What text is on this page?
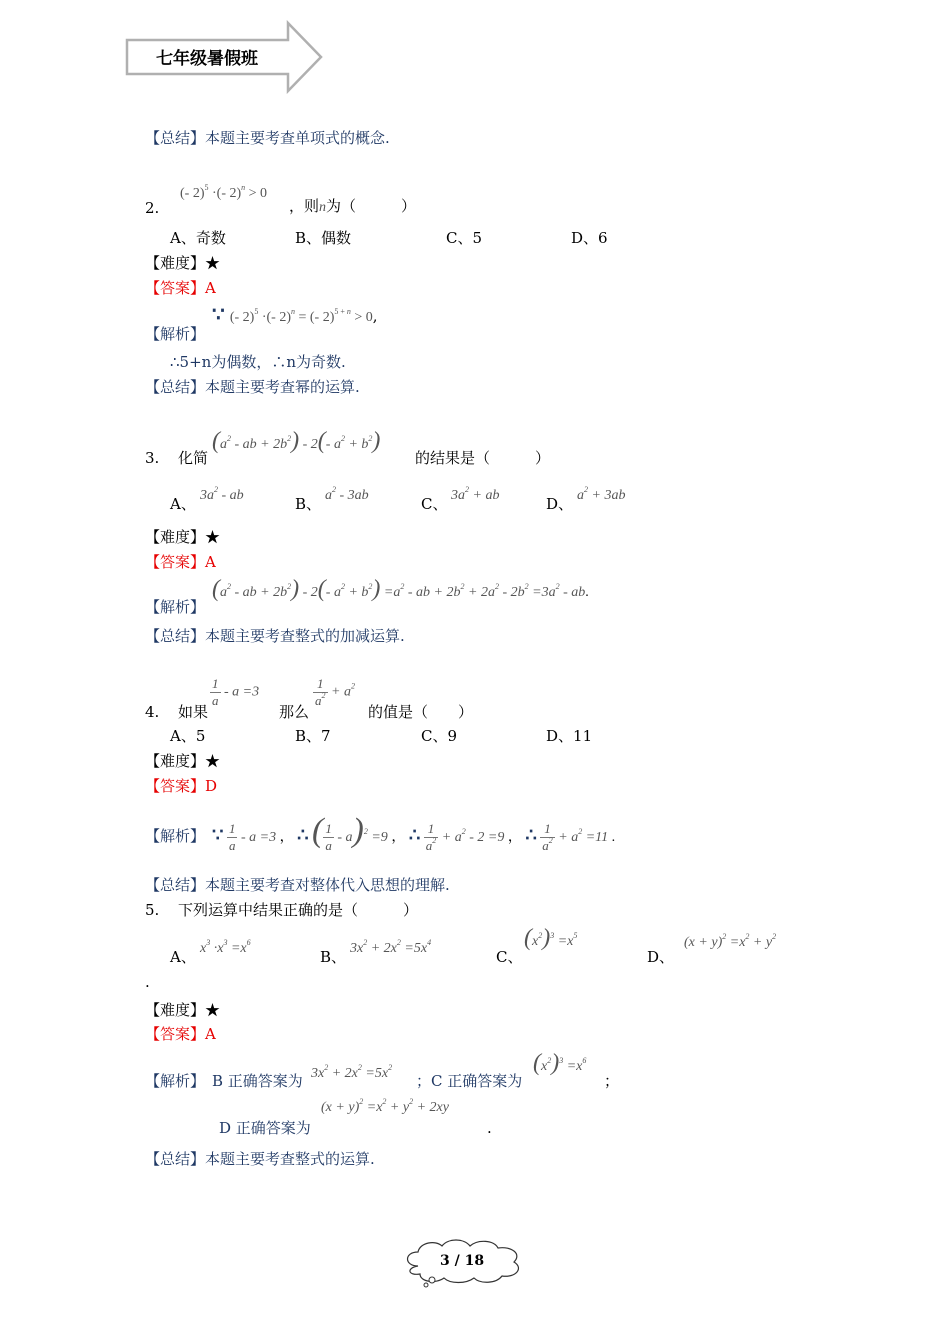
七年级暑假班
【总结】本题主要考查单项式的概念.
2.
(- 2)$^5$ ·(- 2)$^n$ > 0
，则n为（　　　）
A、奇数	B、偶数	C、5	D、6
【难度】★
【答案】A
【解析】
∵ (- 2)$^5$ ·(- 2)$^n$ = (- 2)$^{5 + n}$ > 0,
∴5+n为偶数，∴n为奇数.
【总结】本题主要考查幂的运算.
3. 化简
($a^2$ - ab + $2b^2) - 2(-$ $a^2 + b^2$)
的结果是（　　　）
A、 $3a^2$ - ab	B、 $a^2 - 3ab$	C、 $3a^2$ + ab	D、 $a^2 + 3ab$
【难度】★
【答案】A
【解析】
($a^2$ - ab + $2b^2) - 2(-$ $a^2 + b^2) =a^2$ - ab + $2b^2 + 2a^2 - 2b^2 =3a^2$ - ab.
【总结】本题主要考查整式的加减运算.
4. 如果
$\frac{1}{a} - a =3$
那么
$\frac{1}{a^2} + a^2$
的值是（　　）
A、5	B、7	C、9	D、11
【难度】★
【答案】D
【解析】 ∵ $\frac{1}{a} - a =3$ ， ∴ ( $\frac{1}{a} - a)^2 =9$ ， ∴ $\frac{1}{a^2} + a^2 - 2 =9$ ， ∴ $\frac{1}{a^2} + a^2 =11$ .
【总结】本题主要考查对整体代入思想的理解.
5. 下列运算中结果正确的是（　　　）
A、 $x^3 \cdot x^3 =x^6$
B、 $3x^2 + 2x^2 =5x^4$
C、
$(x^2)^3 =x^5$
D、
$(x + y)^2 =x^2 + y^2$
.
【难度】★
【答案】A
【解析】 B 正确答案为 $3x^2 + 2x^2 =5x^2$
；C 正确答案为
$(x^2)^3 =x^6$
；
D 正确答案为
$(x + y)^2 =x^2 + y^2 + 2xy$
.
【总结】本题主要考查整式的运算.
3 / 18
